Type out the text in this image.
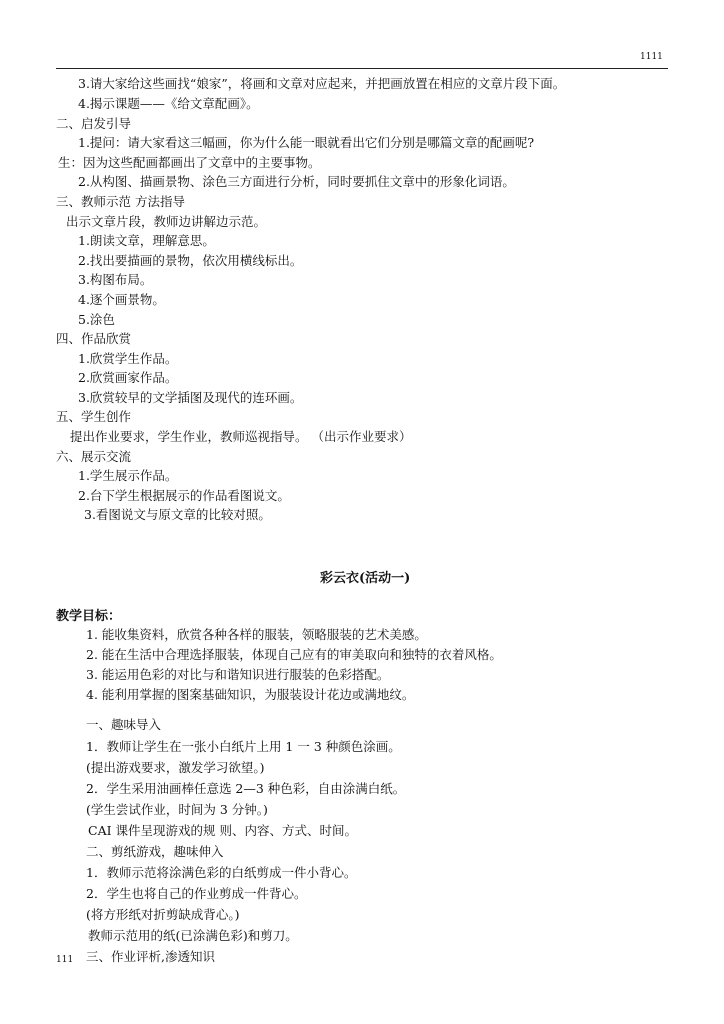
1111
3.请大家给这些画找“娘家”，将画和文章对应起来，并把画放置在相应的文章片段下面。
4.揭示课题——《给文章配画》。
二、启发引导
1.提问：请大家看这三幅画，你为什么能一眼就看出它们分别是哪篇文章的配画呢?
生：因为这些配画都画出了文章中的主要事物。
2.从构图、描画景物、涂色三方面进行分析，同时要抓住文章中的形象化词语。
三、教师示范 方法指导
出示文章片段，教师边讲解边示范。
1.朗读文章，理解意思。
2.找出要描画的景物，依次用横线标出。
3.构图布局。
4.逐个画景物。
5.涂色
四、作品欣赏
1.欣赏学生作品。
2.欣赏画家作品。
3.欣赏较早的文学插图及现代的连环画。
五、学生创作
提出作业要求，学生作业，教师巡视指导。 （出示作业要求）
六、展示交流
1.学生展示作品。
2.台下学生根据展示的作品看图说文。
3.看图说文与原文章的比较对照。
彩云衣(活动一)
教学目标：
1. 能收集资料，欣赏各种各样的服装，领略服装的艺术美感。
2. 能在生活中合理选择服装，体现自己应有的审美取向和独特的衣着风格。
3. 能运用色彩的对比与和谐知识进行服装的色彩搭配。
4. 能利用掌握的图案基础知识，为服装设计花边或满地纹。
一、趣味导入
1．教师让学生在一张小白纸片上用 1 一 3 种颜色涂画。
(提出游戏要求，激发学习欲望。)
2．学生采用油画棒任意选 2—3 种色彩，自由涂满白纸。
(学生尝试作业，时间为 3 分钟。)
CAI 课件呈现游戏的规 则、内容、方式、时间。
二、剪纸游戏，趣味伸入
1．教师示范将涂满色彩的白纸剪成一件小背心。
2．学生也将自己的作业剪成一件背心。
(将方形纸对折剪缺成背心。)
教师示范用的纸(已涂满色彩)和剪刀。
三、作业评析,渗透知识
111
